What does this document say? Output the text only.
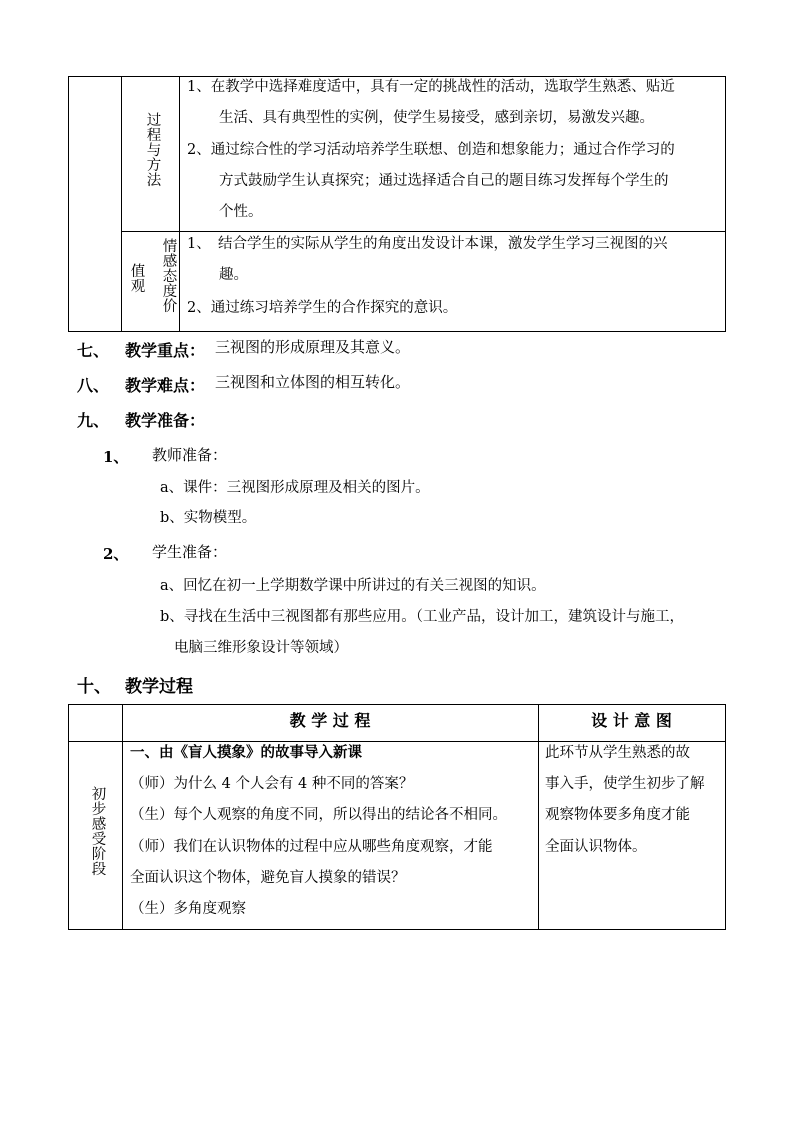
过程与方法
情感态度价
值观
1、在教学中选择难度适中，具有一定的挑战性的活动，选取学生熟悉、贴近
生活、具有典型性的实例，使学生易接受，感到亲切，易激发兴趣。
2、通过综合性的学习活动培养学生联想、创造和想象能力；通过合作学习的
方式鼓励学生认真探究；通过选择适合自己的题目练习发挥每个学生的
个性。
1、　结合学生的实际从学生的角度出发设计本课，激发学生学习三视图的兴
趣。
2、通过练习培养学生的合作探究的意识。
七、 教学重点： 三视图的形成原理及其意义。
八、 教学难点： 三视图和立体图的相互转化。
九、 教学准备：
1、 教师准备：
a、课件：三视图形成原理及相关的图片。
b、实物模型。
2、 学生准备：
a、回忆在初一上学期数学课中所讲过的有关三视图的知识。
b、寻找在生活中三视图都有那些应用。（工业产品，设计加工，建筑设计与施工，
电脑三维形象设计等领域）
十、 教学过程
教 学 过 程	设 计 意 图
初步感受阶段
一、由《盲人摸象》的故事导入新课
（师）为什么 4 个人会有 4 种不同的答案？
（生）每个人观察的角度不同，所以得出的结论各不相同。
（师）我们在认识物体的过程中应从哪些角度观察，才能
全面认识这个物体，避免盲人摸象的错误？
（生）多角度观察
此环节从学生熟悉的故
事入手，使学生初步了解
观察物体要多角度才能
全面认识物体。
